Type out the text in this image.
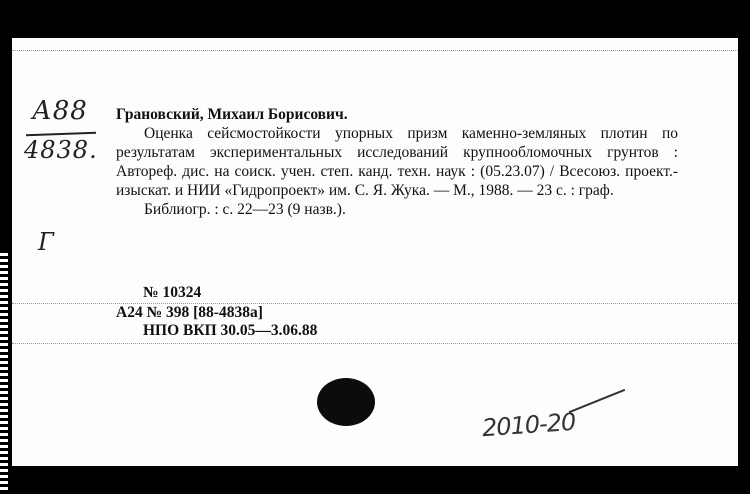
А88
4838.
Г
Грановский, Михаил Борисович.
Оценка сейсмостойкости упорных призм каменно-земляных плотин по результатам экспериментальных исследований крупнообломочных грунтов : Автореф. дис. на соиск. учен. степ. канд. техн. наук : (05.23.07) / Всесоюз. проект.-изыскат. и НИИ «Гидропроект» им. С. Я. Жука. — М., 1988. — 23 с. : граф.
Библиогр. : с. 22—23 (9 назв.).
№ 10324
А24 № 398 [88-4838а]
НПО ВКП 30.05—3.06.88
2010-20
